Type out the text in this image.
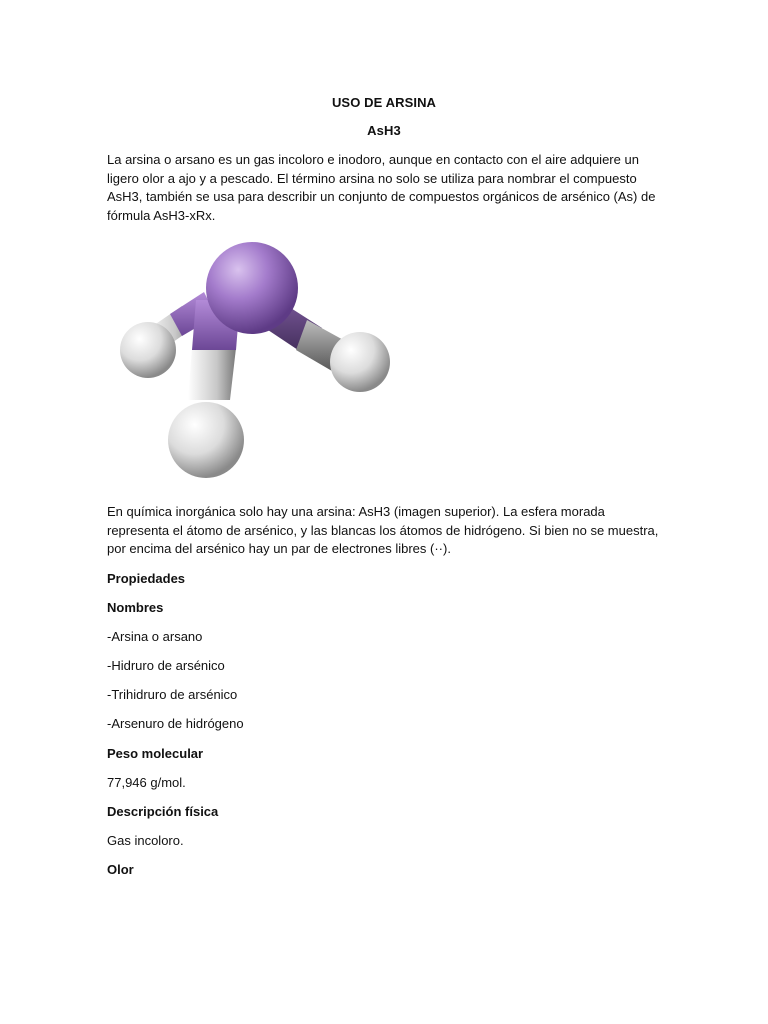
USO DE ARSINA
AsH3
La arsina o arsano es un gas incoloro e inodoro, aunque en contacto con el aire adquiere un ligero olor a ajo y a pescado. El término arsina no solo se utiliza para nombrar el compuesto AsH3, también se usa para describir un conjunto de compuestos orgánicos de arsénico (As) de fórmula AsH3-xRx.
En química inorgánica solo hay una arsina: AsH3 (imagen superior). La esfera morada representa el átomo de arsénico, y las blancas los átomos de hidrógeno. Si bien no se muestra, por encima del arsénico hay un par de electrones libres (··).
Propiedades
Nombres
-Arsina o arsano
-Hidruro de arsénico
-Trihidruro de arsénico
-Arsenuro de hidrógeno
Peso molecular
77,946 g/mol.
Descripción física
Gas incoloro.
Olor
